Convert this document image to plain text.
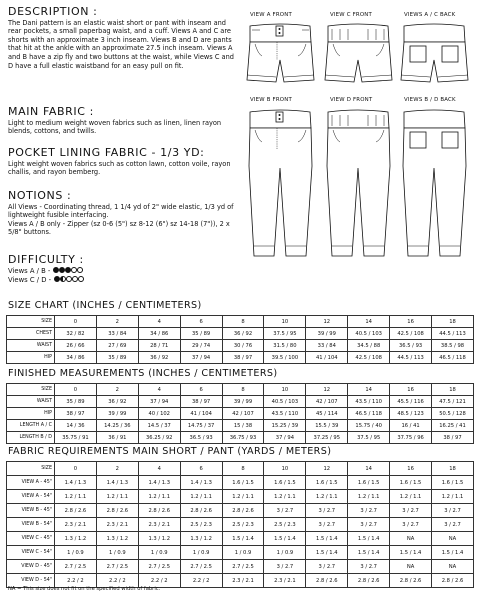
DESCRIPTION :

The Dani pattern is an elastic waist short or pant with inseam and rear pockets, a small paperbag waist, and a cuff. Views A and C are shorts with an approximate 3 inch inseam. Views B and D are pants that hit at the ankle with an approximate 27.5 inch inseam. Views A and B have a zip fly and two buttons at the waist, while Views C and D have a full elastic waistband for an easy pull on fit.

MAIN FABRIC :

Light to medium weight woven fabrics such as linen, linen rayon blends, cottons, and twills.

POCKET LINING FABRIC - 1/3 YD:

Light weight woven fabrics such as cotton lawn, cotton voile, rayon challis, and rayon bemberg.

NOTIONS :

All Views - Coordinating thread, 1 1/4 yd of 2" wide elastic, 1/3 yd of lightweight fusible interfacing.

Views A / B only - Zipper (sz 0-6 (5") sz 8-12 (6") sz 14-18 (7")), 2 x 5/8" buttons.

DIFFICULTY :
Views A / B -
Views C / D -
VIEW A FRONT	VIEW C FRONT	VIEWS A / C BACK
VIEW B FRONT	VIEW D FRONT	VIEWS B / D BACK
SIZE CHART (INCHES / CENTIMETERS)
SIZE	0	2	4	6	8	10	12	14	16	18
CHEST	32 / 82	33 / 84	34 / 86	35 / 89	36 / 92	37.5 / 95	39 / 99	40.5 / 103	42.5 / 108	44.5 / 113
WAIST	26 / 66	27 / 69	28 / 71	29 / 74	30 / 76	31.5 / 80	33 / 84	34.5 / 88	36.5 / 93	38.5 / 98
HIP	34 / 86	35 / 89	36 / 92	37 / 94	38 / 97	39.5 / 100	41 / 104	42.5 / 108	44.5 / 113	46.5 / 118
FINISHED MEASUREMENTS (INCHES / CENTIMETERS)
SIZE	0	2	4	6	8	10	12	14	16	18
WAIST	35 / 89	36 / 92	37 / 94	38 / 97	39 / 99	40.5 / 103	42 / 107	43.5 / 110	45.5 / 116	47.5 / 121
HIP	38 / 97	39 / 99	40 / 102	41 / 104	42 / 107	43.5 / 110	45 / 114	46.5 / 118	48.5 / 123	50.5 / 128
LENGTH A / C	14 / 36	14.25 / 36	14.5 / 37	14.75 / 37	15 / 38	15.25 / 39	15.5 / 39	15.75 / 40	16 / 41	16.25 / 41
LENGTH B / D	35.75 / 91	36 / 91	36.25 / 92	36.5 / 93	36.75 / 93	37 / 94	37.25 / 95	37.5 / 95	37.75 / 96	38 / 97
FABRIC REQUIREMENTS MAIN SHORT / PANT (YARDS / METERS)
SIZE	0	2	4	6	8	10	12	14	16	18
VIEW A - 45"	1.4 / 1.3	1.4 / 1.3	1.4 / 1.3	1.4 / 1.3	1.6 / 1.5	1.6 / 1.5	1.6 / 1.5	1.6 / 1.5	1.6 / 1.5	1.6 / 1.5
VIEW A - 54"	1.2 / 1.1	1.2 / 1.1	1.2 / 1.1	1.2 / 1.1	1.2 / 1.1	1.2 / 1.1	1.2 / 1.1	1.2 / 1.1	1.2 / 1.1	1.2 / 1.1
VIEW B - 45"	2.8 / 2.6	2.8 / 2.6	2.8 / 2.6	2.8 / 2.6	2.8 / 2.6	3 / 2.7	3 / 2.7	3 / 2.7	3 / 2.7	3 / 2.7
VIEW B - 54"	2.3 / 2.1	2.3 / 2.1	2.3 / 2.1	2.5 / 2.3	2.5 / 2.3	2.5 / 2.3	3 / 2.7	3 / 2.7	3 / 2.7	3 / 2.7
VIEW C - 45"	1.3 / 1.2	1.3 / 1.2	1.3 / 1.2	1.3 / 1.2	1.5 / 1.4	1.5 / 1.4	1.5 / 1.4	1.5 / 1.4	NA	NA
VIEW C - 54"	1 / 0.9	1 / 0.9	1 / 0.9	1 / 0.9	1 / 0.9	1 / 0.9	1.5 / 1.4	1.5 / 1.4	1.5 / 1.4	1.5 / 1.4
VIEW D - 45"	2.7 / 2.5	2.7 / 2.5	2.7 / 2.5	2.7 / 2.5	2.7 / 2.5	3 / 2.7	3 / 2.7	3 / 2.7	NA	NA
VIEW D - 54"	2.2 / 2	2.2 / 2	2.2 / 2	2.2 / 2	2.3 / 2.1	2.3 / 2.1	2.8 / 2.6	2.8 / 2.6	2.8 / 2.6	2.8 / 2.6
NA = This size does not fit on the specified width of fabric.
